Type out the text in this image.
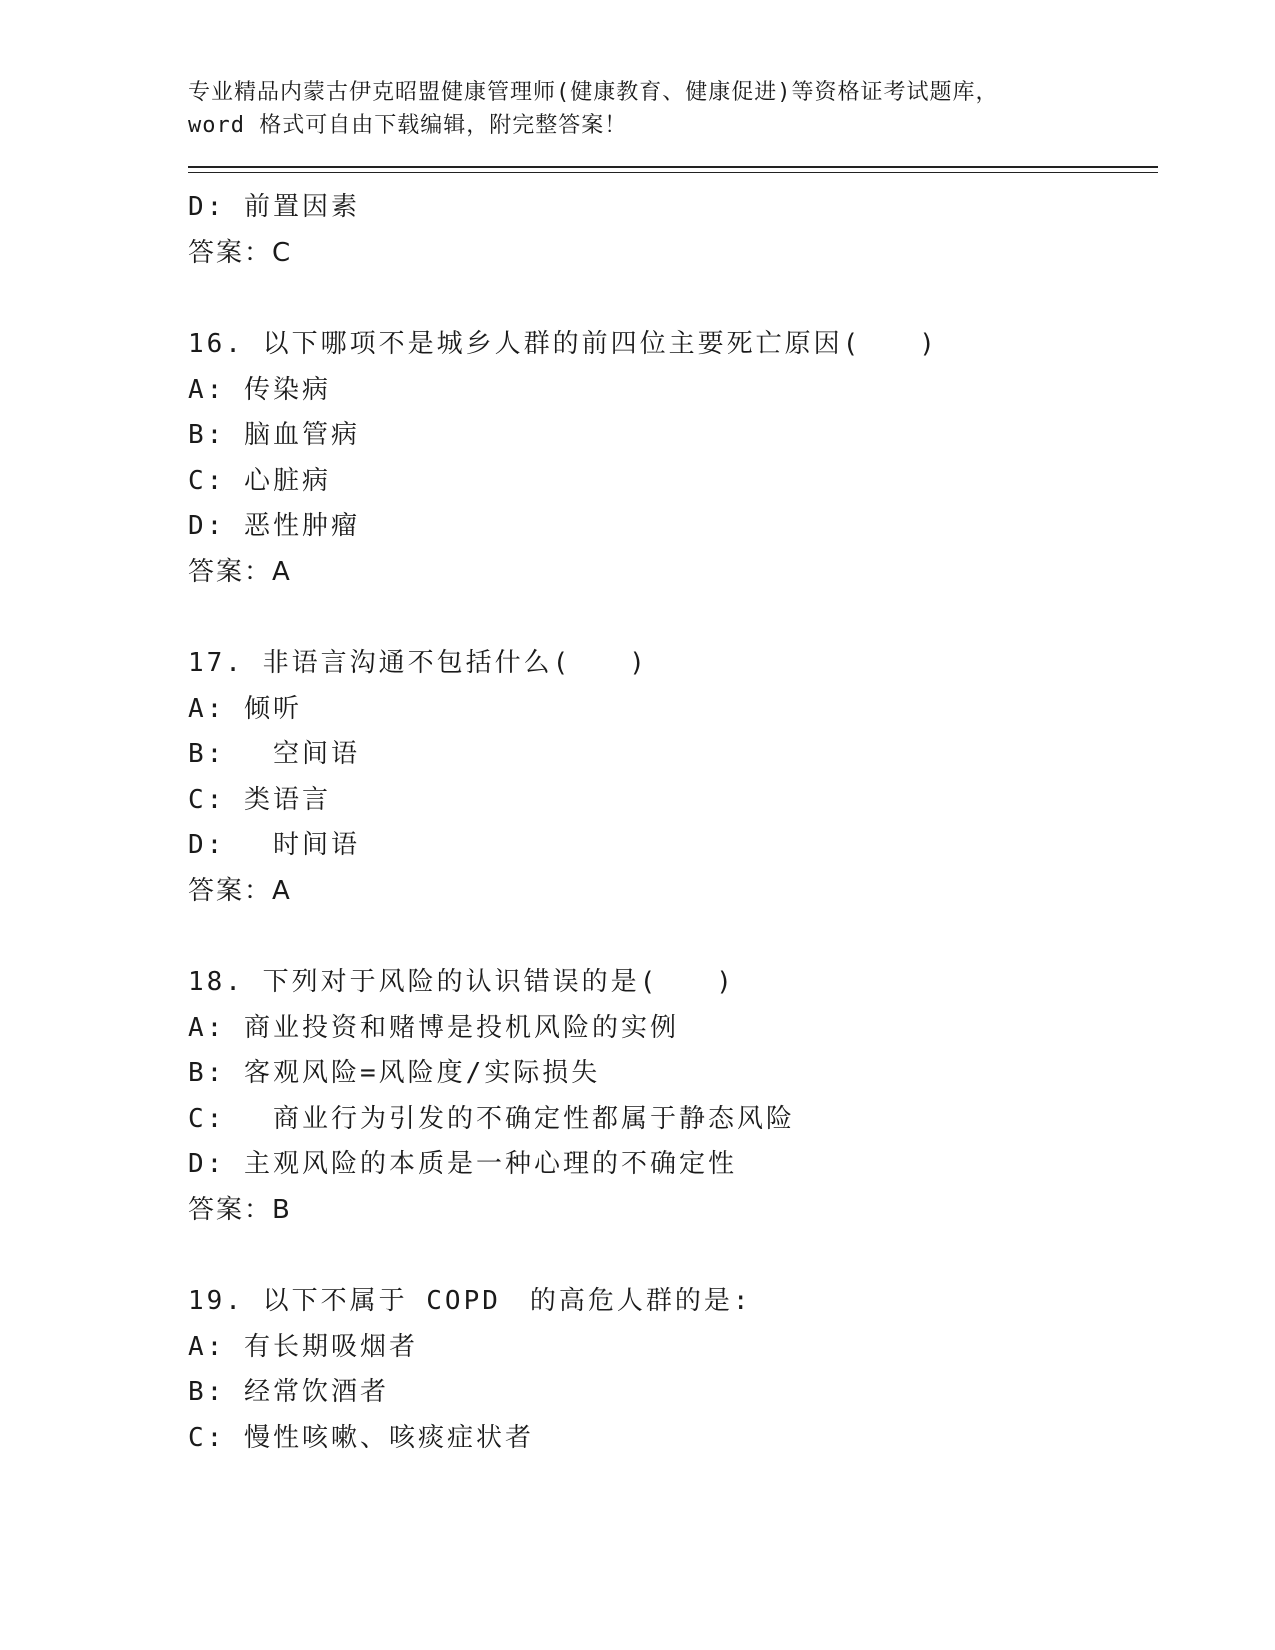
专业精品内蒙古伊克昭盟健康管理师(健康教育、健康促进)等资格证考试题库，
word 格式可自由下载编辑，附完整答案！
D: 前置因素
答案：C
16. 以下哪项不是城乡人群的前四位主要死亡原因(　　)
A: 传染病
B: 脑血管病
C: 心脏病
D: 恶性肿瘤
答案：A
17. 非语言沟通不包括什么(　　)
A: 倾听
B: 　空间语
C: 类语言
D: 　时间语
答案：A
18. 下列对于风险的认识错误的是(　　)
A: 商业投资和赌博是投机风险的实例
B: 客观风险=风险度/实际损失
C: 　商业行为引发的不确定性都属于静态风险
D: 主观风险的本质是一种心理的不确定性
答案：B
19. 以下不属于 COPD　的高危人群的是:
A: 有长期吸烟者
B: 经常饮酒者
C: 慢性咳嗽、咳痰症状者
